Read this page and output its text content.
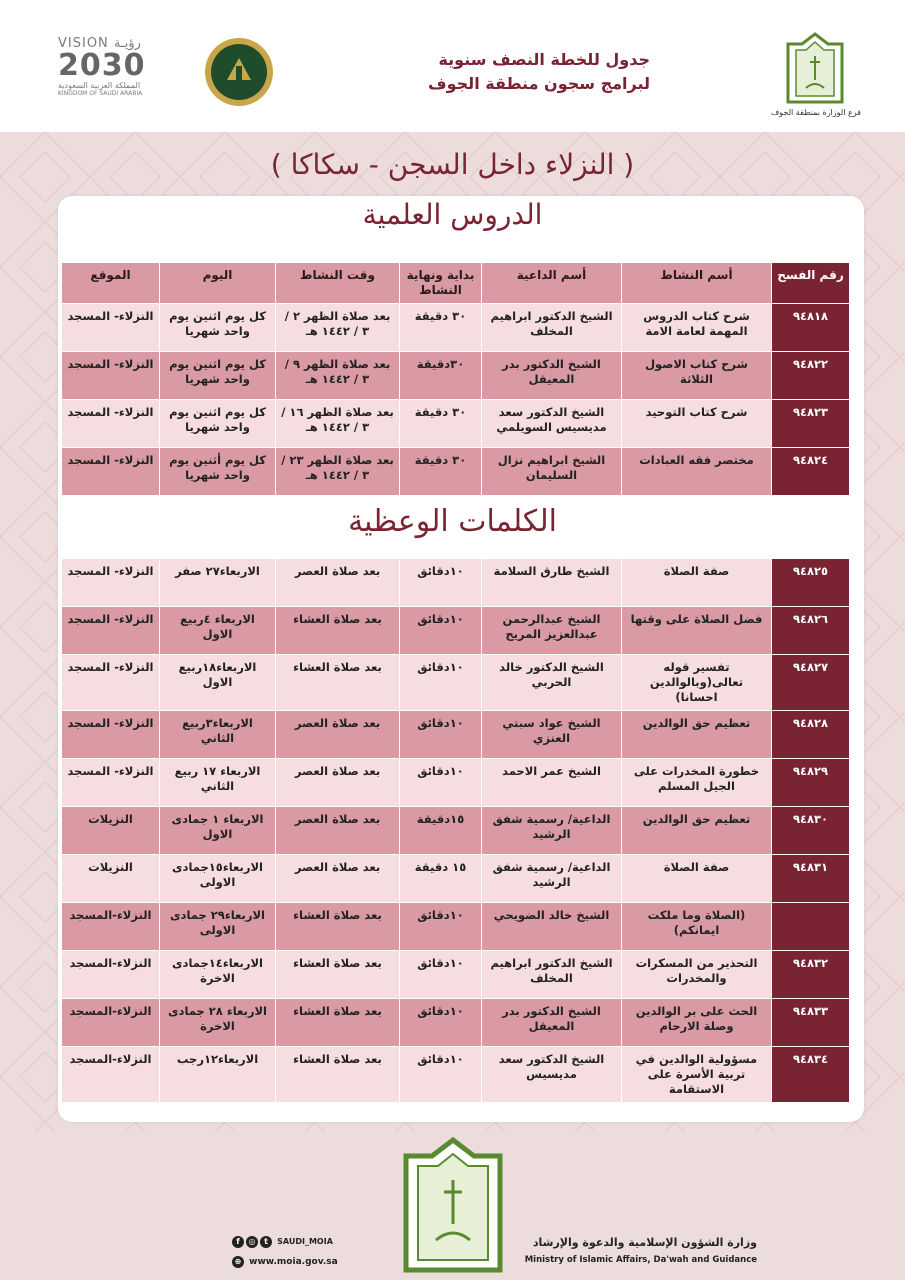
VISION رؤيـة
2030
المملكة العربية السعودية
KINGDOM OF SAUDI ARABIA
جدول للخطة النصف سنوية
لبرامج سجون منطقة الجوف
فرع الوزارة بمنطقة الجوف
( النزلاء داخل السجن - سكاكا )
الدروس العلمية
رقم الفسح	أسم النشاط	أسم الداعية	بداية ونهاية النشاط	وقت النشاط	اليوم	الموقع
٩٤٨١٨	شرح كتاب الدروس المهمة لعامة الامة	الشيخ الدكتور ابراهيم المخلف	٣٠ دقيقة	بعد صلاة الظهر ٢ / ٣ / ١٤٤٢ هـ	كل يوم اثنين يوم واحد شهريا	النزلاء- المسجد
٩٤٨٢٢	شرح كتاب الاصول الثلاثة	الشيخ الدكتور بدر المعيقل	٣٠دقيقة	بعد صلاة الظهر ٩ / ٣ / ١٤٤٢ هـ	كل يوم اثنين يوم واحد شهريا	النزلاء- المسجد
٩٤٨٢٣	شرح كتاب التوحيد	الشيخ الدكتور سعد مديسيس السويلمي	٣٠ دقيقة	بعد صلاة الظهر ١٦ / ٣ / ١٤٤٢ هـ	كل يوم اثنين يوم واحد شهريا	النزلاء- المسجد
٩٤٨٢٤	مختصر فقه العبادات	الشيخ ابراهيم نزال السليمان	٣٠ دقيقة	بعد صلاة الظهر ٢٣ / ٣ / ١٤٤٢ هـ	كل يوم أثنين يوم واحد شهريا	النزلاء- المسجد
الكلمات الوعظية
٩٤٨٢٥	صفة الصلاة	الشيخ طارق السلامة	١٠دقائق	بعد صلاة العصر	الاربعاء٢٧ صفر	النزلاء- المسجد
٩٤٨٢٦	فضل الصلاة على وقتها	الشيخ عبدالرحمن عبدالعزيز المريح	١٠دقائق	بعد صلاة العشاء	الاربعاء ٤ربيع الاول	النزلاء- المسجد
٩٤٨٢٧	تفسير قوله تعالى(وبالوالدين احسانا)	الشيخ الدكتور خالد الحربي	١٠دقائق	بعد صلاة العشاء	الاربعاء١٨ربيع الاول	النزلاء- المسجد
٩٤٨٢٨	تعظيم حق الوالدين	الشيخ عواد سبتي العنزي	١٠دقائق	بعد صلاة العصر	الاربعاء٣ربيع الثاني	النزلاء- المسجد
٩٤٨٢٩	خطورة المخدرات على الجيل المسلم	الشيخ عمر الاحمد	١٠دقائق	بعد صلاة العصر	الاربعاء ١٧ ربيع الثاني	النزلاء- المسجد
٩٤٨٣٠	تعظيم حق الوالدين	الداعية/ رسمية شفق الرشيد	١٥دقيقة	بعد صلاة العصر	الاربعاء ١ جمادى الاول	النزيلات
٩٤٨٣١	صفة الصلاة	الداعية/ رسمية شفق الرشيد	١٥ دقيقة	بعد صلاة العصر	الاربعاء١٥جمادى الاولى	النزيلات
	(الصلاة وما ملكت ايمانكم)	الشيخ خالد الضويحي	١٠دقائق	بعد صلاة العشاء	الاربعاء٢٩ جمادى الاولى	النزلاء-المسجد
٩٤٨٣٢	التحذير من المسكرات والمخدرات	الشيخ الدكتور ابراهيم المخلف	١٠دقائق	بعد صلاة العشاء	الاربعاء١٤جمادى الاخرة	النزلاء-المسجد
٩٤٨٣٣	الحث على بر الوالدين وصلة الارحام	الشيخ الدكتور بدر المعيقل	١٠دقائق	بعد صلاة العشاء	الاربعاء ٢٨ جمادى الاخرة	النزلاء-المسجد
٩٤٨٣٤	مسؤولية الوالدين في تربية الأسرة على الاستقامة	الشيخ الدكتور سعد مديسيس	١٠دقائق	بعد صلاة العشاء	الاربعاء١٢رجب	النزلاء-المسجد
f ◎ t SAUDI_MOIA
⊕ www.moia.gov.sa
وزارة الشؤون الإسلامية والدعوة والإرشاد
Ministry of Islamic Affairs, Da'wah and Guidance
